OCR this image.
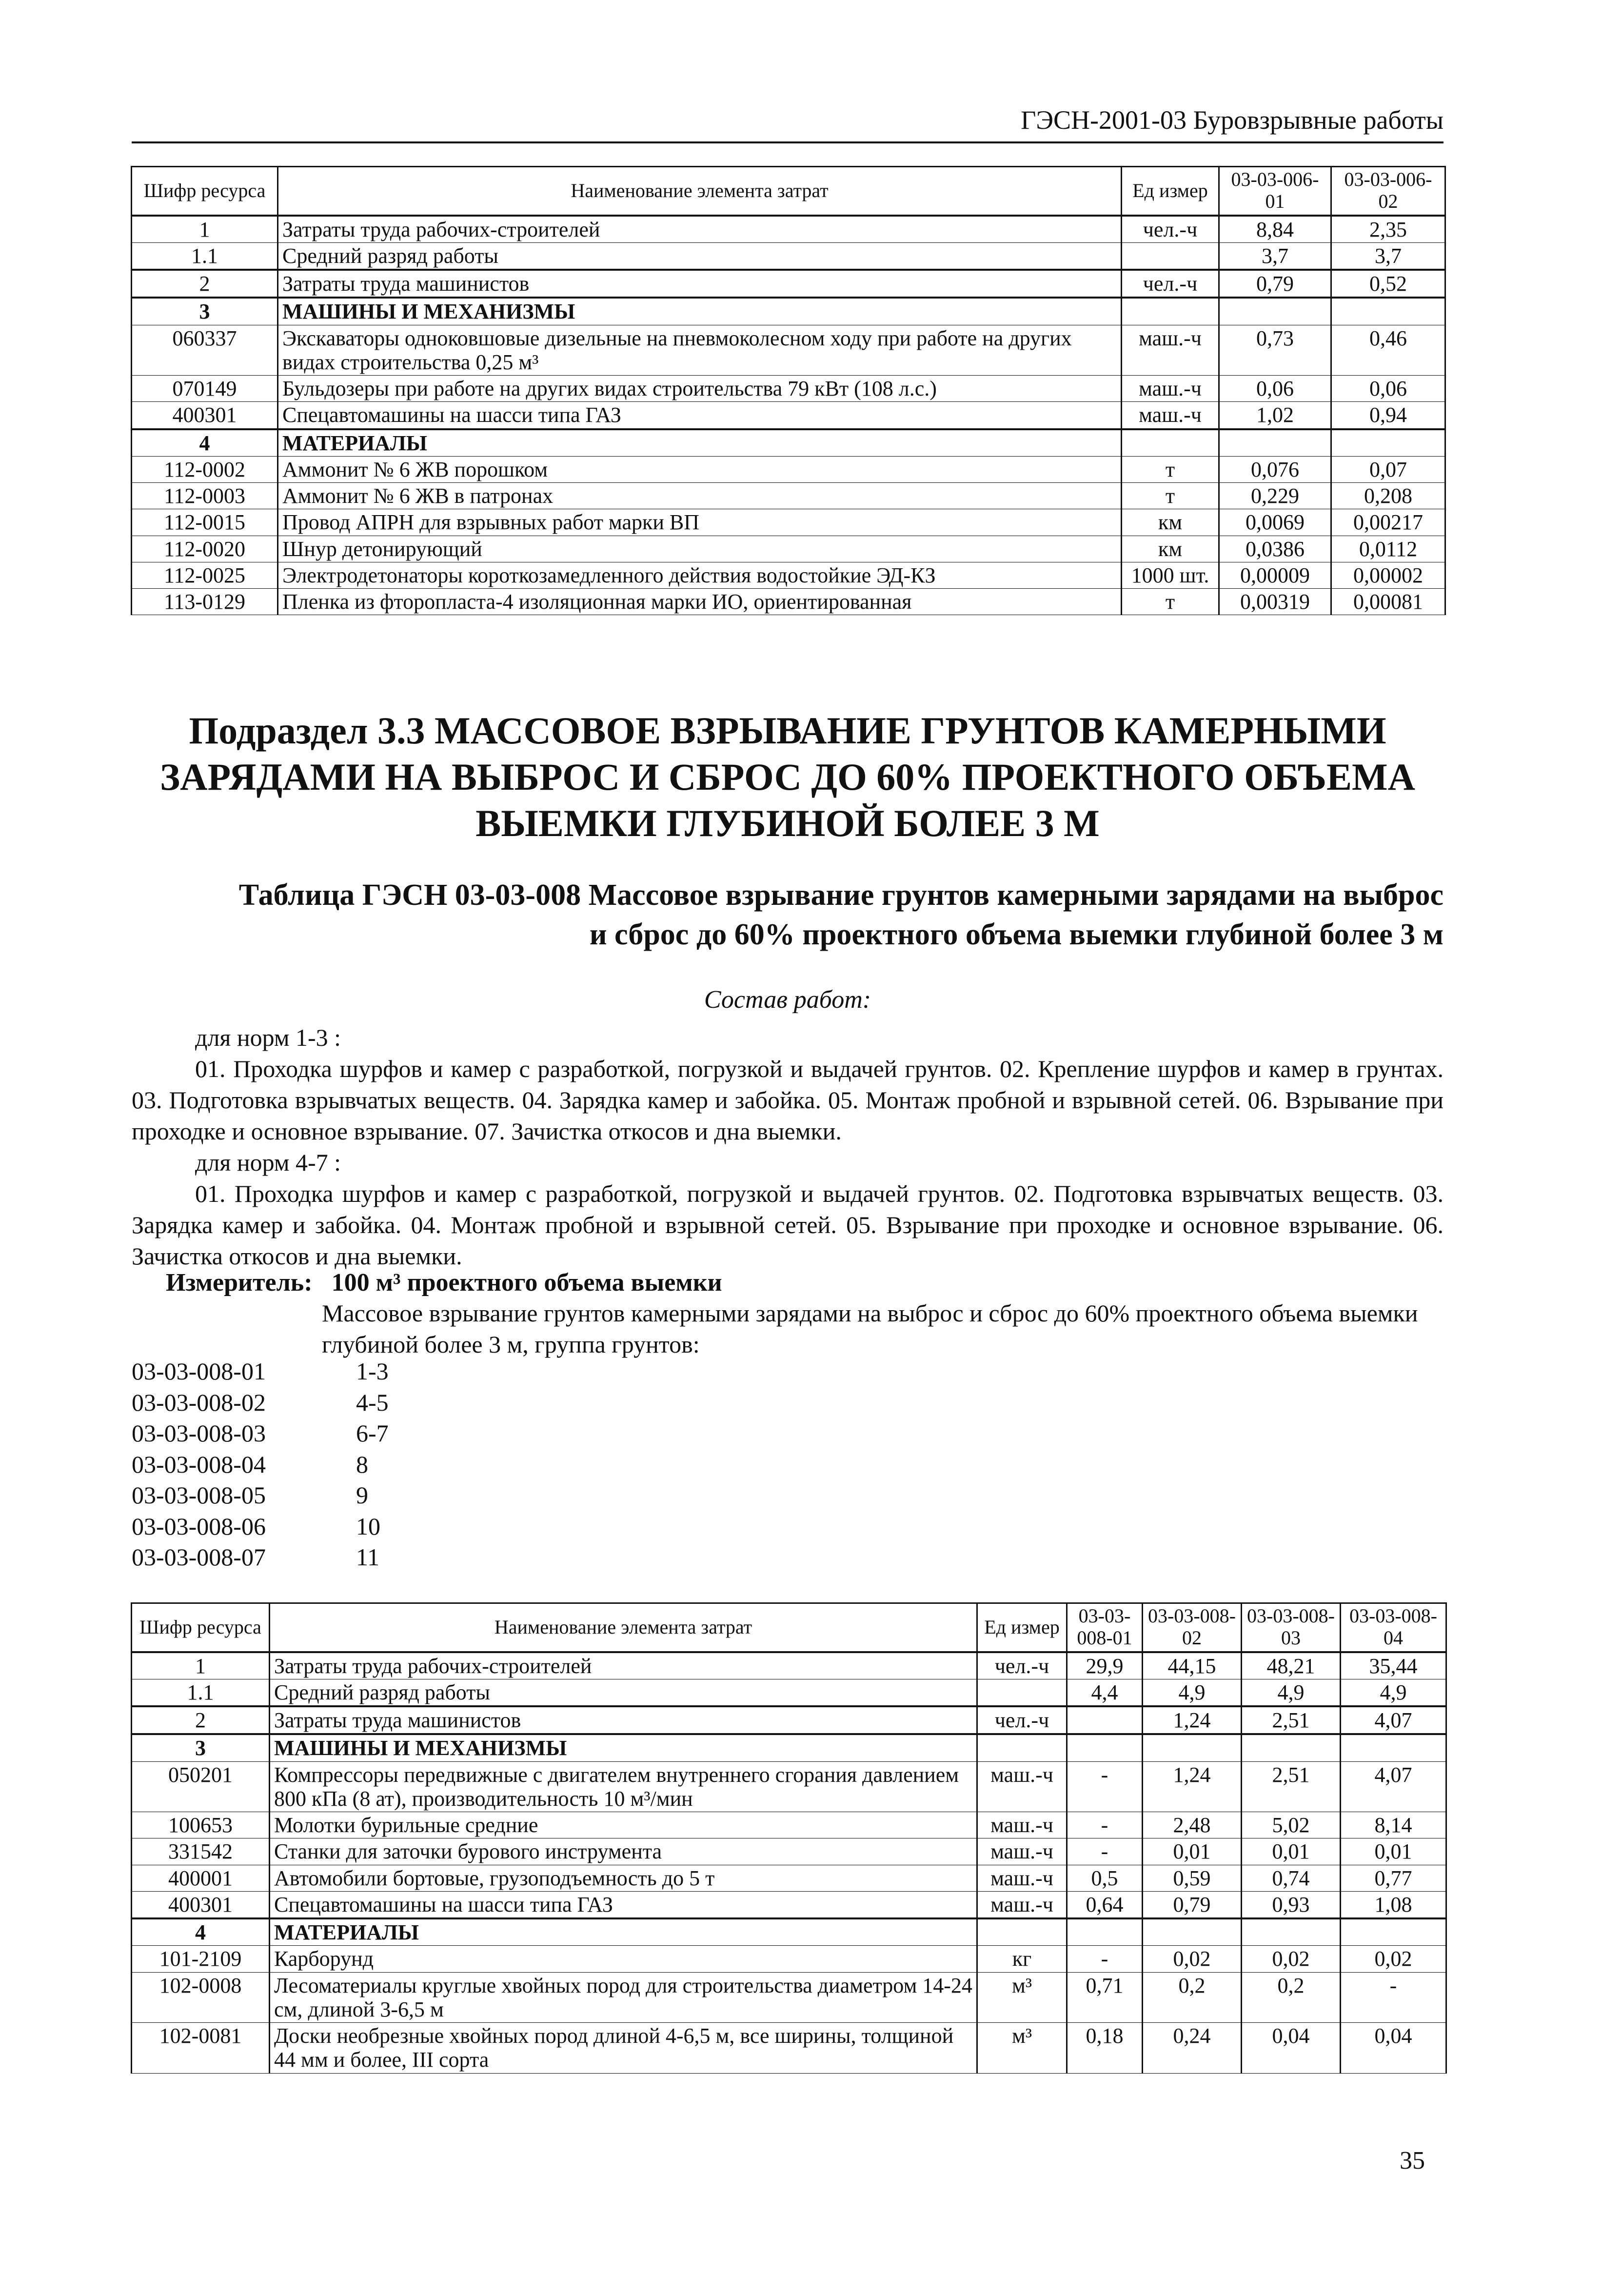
ГЭСН-2001-03 Буровзрывные работы
Шифр ресурса	Наименование элемента затрат	Ед измер	03-03-006-01	03-03-006-02
1	Затраты труда рабочих-строителей	чел.-ч	8,84	2,35
1.1	Средний разряд работы		3,7	3,7
2	Затраты труда машинистов	чел.-ч	0,79	0,52
3	МАШИНЫ И МЕХАНИЗМЫ			
060337	Экскаваторы одноковшовые дизельные на пневмоколесном ходу при работе на других видах строительства 0,25 м³	маш.-ч	0,73	0,46
070149	Бульдозеры при работе на других видах строительства 79 кВт (108 л.с.)	маш.-ч	0,06	0,06
400301	Спецавтомашины на шасси типа ГАЗ	маш.-ч	1,02	0,94
4	МАТЕРИАЛЫ			
112-0002	Аммонит № 6 ЖВ порошком	т	0,076	0,07
112-0003	Аммонит № 6 ЖВ в патронах	т	0,229	0,208
112-0015	Провод АПРН для взрывных работ марки ВП	км	0,0069	0,00217
112-0020	Шнур детонирующий	км	0,0386	0,0112
112-0025	Электродетонаторы короткозамедленного действия водостойкие ЭД-КЗ	1000 шт.	0,00009	0,00002
113-0129	Пленка из фторопласта-4 изоляционная марки ИО, ориентированная	т	0,00319	0,00081
Подраздел 3.3 МАССОВОЕ ВЗРЫВАНИЕ ГРУНТОВ КАМЕРНЫМИ ЗАРЯДАМИ НА ВЫБРОС И СБРОС ДО 60% ПРОЕКТНОГО ОБЪЕМА ВЫЕМКИ ГЛУБИНОЙ БОЛЕЕ 3 М
Таблица ГЭСН 03-03-008 Массовое взрывание грунтов камерными зарядами на выброс
и сброс до 60% проектного объема выемки глубиной более 3 м
Состав работ:

для норм 1-3 :

01. Проходка шурфов и камер с разработкой, погрузкой и выдачей грунтов. 02. Крепление шурфов и камер в грунтах. 03. Подготовка взрывчатых веществ. 04. Зарядка камер и забойка. 05. Монтаж пробной и взрывной сетей. 06. Взрывание при проходке и основное взрывание. 07. Зачистка откосов и дна выемки.

для норм 4-7 :

01. Проходка шурфов и камер с разработкой, погрузкой и выдачей грунтов. 02. Подготовка взрывчатых веществ. 03. Зарядка камер и забойка. 04. Монтаж пробной и взрывной сетей. 05. Взрывание при проходке и основное взрывание. 06. Зачистка откосов и дна выемки.

Измеритель: 100 м³ проектного объема выемки
Массовое взрывание грунтов камерными зарядами на выброс и сброс до 60% проектного объема выемки глубиной более 3 м, группа грунтов:
03-03-008-01	1-3
03-03-008-02	4-5
03-03-008-03	6-7
03-03-008-04	8
03-03-008-05	9
03-03-008-06	10
03-03-008-07	11
Шифр ресурса	Наименование элемента затрат	Ед измер	03-03-008-01	03-03-008-02	03-03-008-03	03-03-008-04
1	Затраты труда рабочих-строителей	чел.-ч	29,9	44,15	48,21	35,44
1.1	Средний разряд работы		4,4	4,9	4,9	4,9
2	Затраты труда машинистов	чел.-ч		1,24	2,51	4,07
3	МАШИНЫ И МЕХАНИЗМЫ					
050201	Компрессоры передвижные с двигателем внутреннего сгорания давлением 800 кПа (8 ат), производительность 10 м³/мин	маш.-ч	-	1,24	2,51	4,07
100653	Молотки бурильные средние	маш.-ч	-	2,48	5,02	8,14
331542	Станки для заточки бурового инструмента	маш.-ч	-	0,01	0,01	0,01
400001	Автомобили бортовые, грузоподъемность до 5 т	маш.-ч	0,5	0,59	0,74	0,77
400301	Спецавтомашины на шасси типа ГАЗ	маш.-ч	0,64	0,79	0,93	1,08
4	МАТЕРИАЛЫ					
101-2109	Карборунд	кг	-	0,02	0,02	0,02
102-0008	Лесоматериалы круглые хвойных пород для строительства диаметром 14-24 см, длиной 3-6,5 м	м³	0,71	0,2	0,2	-
102-0081	Доски необрезные хвойных пород длиной 4-6,5 м, все ширины, толщиной 44 мм и более, III сорта	м³	0,18	0,24	0,04	0,04
35
